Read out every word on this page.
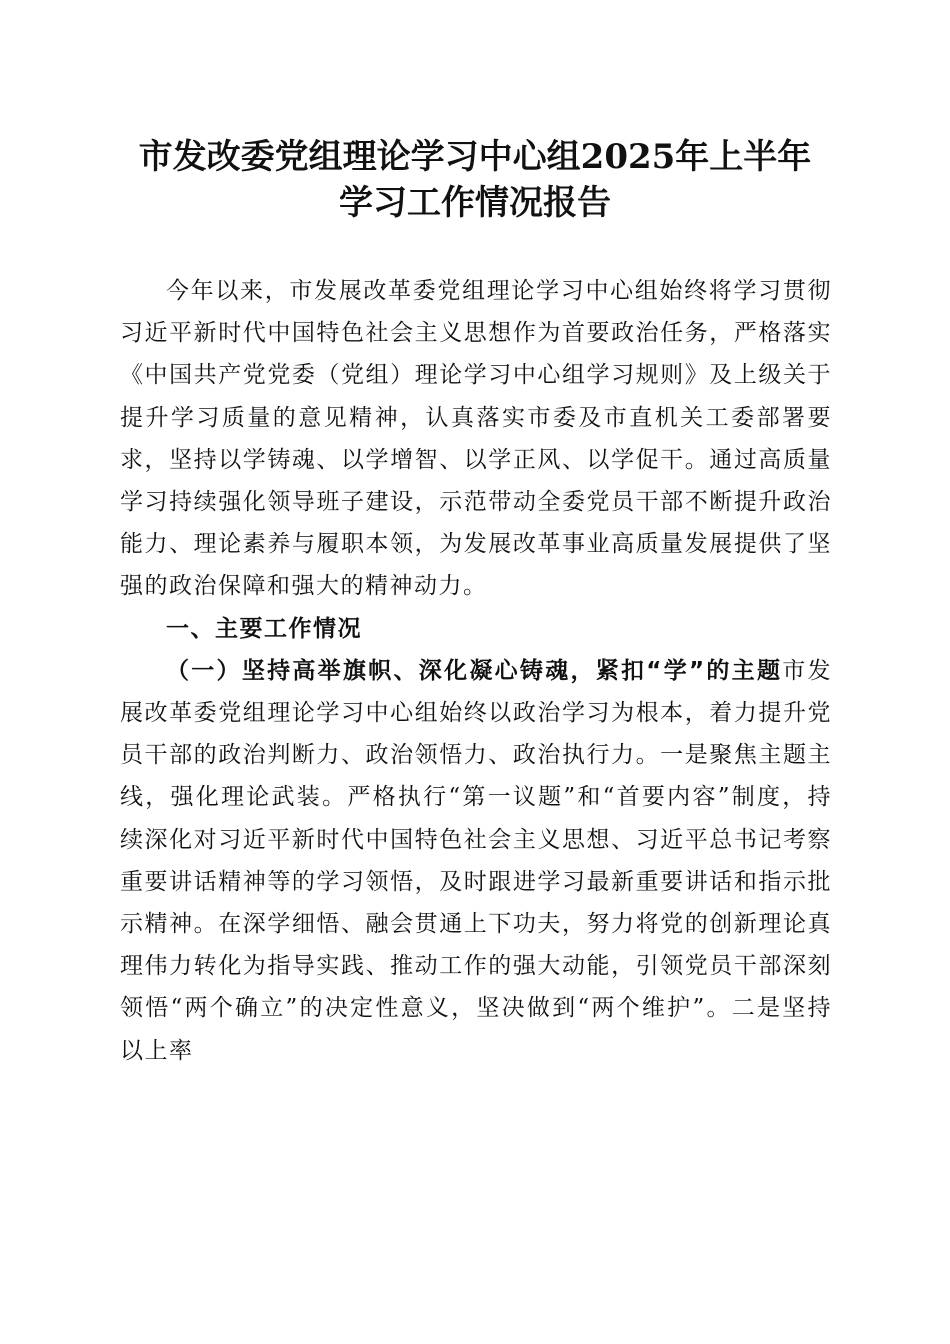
市发改委党组理论学习中心组2025年上半年
学习工作情况报告

今年以来，市发展改革委党组理论学习中心组始终将学习贯彻习近平新时代中国特色社会主义思想作为首要政治任务，严格落实《中国共产党党委（党组）理论学习中心组学习规则》及上级关于提升学习质量的意见精神，认真落实市委及市直机关工委部署要求，坚持以学铸魂、以学增智、以学正风、以学促干。通过高质量学习持续强化领导班子建设，示范带动全委党员干部不断提升政治能力、理论素养与履职本领，为发展改革事业高质量发展提供了坚强的政治保障和强大的精神动力。

一、主要工作情况

（一）坚持高举旗帜、深化凝心铸魂，紧扣“学”的主题市发展改革委党组理论学习中心组始终以政治学习为根本，着力提升党员干部的政治判断力、政治领悟力、政治执行力。一是聚焦主题主线，强化理论武装。严格执行“第一议题”和“首要内容”制度，持续深化对习近平新时代中国特色社会主义思想、习近平总书记考察重要讲话精神等的学习领悟，及时跟进学习最新重要讲话和指示批示精神。在深学细悟、融会贯通上下功夫，努力将党的创新理论真理伟力转化为指导实践、推动工作的强大动能，引领党员干部深刻领悟“两个确立”的决定性意义，坚决做到“两个维护”。二是坚持以上率
